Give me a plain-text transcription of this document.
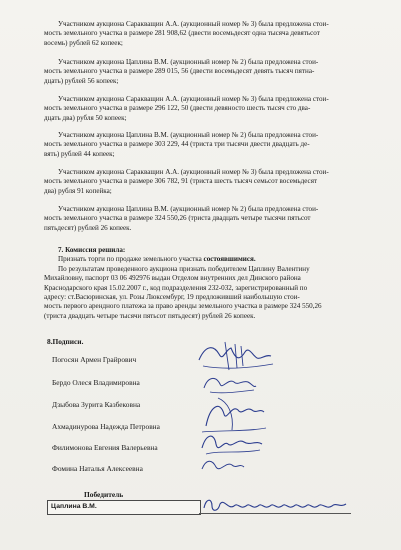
Участником аукциона Саракващин А.А. (аукционный номер № 3) была предложена стои-

мость земельного участка в размере 281 908,62 (двести восемьдесят одна тысяча девятьсот

восемь) рублей 62 копеек;

Участником аукциона Цаплина В.М. (аукционный номер № 2) была предложена стои-

мость земельного участка в размере 289 015, 56 (двести восемьдесят девять тысяч пятна-

дцать) рублей 56 копеек;

Участником аукциона Саракващин А.А. (аукционный номер № 3) была предложена стои-

мость земельного участка в размере 296 122, 50 (двести девяносто шесть тысяч сто два-

дцать два) рубля 50 копеек;

Участником аукциона Цаплина В.М. (аукционный номер № 2) была предложена стои-

мость земельного участка в размере 303 229, 44 (триста три тысячи двести двадцать де-

вять) рублей 44 копеек;

Участником аукциона Саракващин А.А. (аукционный номер № 3) была предложена стои-

мость земельного участка в размере 306 782, 91 (триста шесть тысяч семьсот восемьдесят

два) рубля 91 копейка;

Участником аукциона Цаплина В.М. (аукционный номер № 2) была предложена стои-

мость земельного участка в размере 324 550,26 (триста двадцать четыре тысячи пятьсот

пятьдесят) рублей 26 копеек.

7. Комиссия решила:

Признать торги по продаже земельного участка состоявшимися.

По результатам проведенного аукциона признать победителем Цаплину Валентину

Михайловну, паспорт 03 06 492976 выдан Отделом внутренних дел Динского района

Краснодарского края 15.02.2007 г., код подразделения 232-032, зарегистрированный по

адресу: ст.Васюринская, ул. Розы Люксембург, 19 предложивший наибольшую стои-

мость первого арендного платежа за право аренды земельного участка в размере 324 550,26

(триста двадцать четыре тысячи пятьсот пятьдесят) рублей 26 копеек.

8.Подписи.
Погосян Армен Грайрович
Бердо Олеся Владимировна
Дзыбова Зурита Казбековна
Ахмадинурова Надежда Петровна
Филимонова Евгения Валерьевна
Фомина Наталья Алексеевна
Победитель
Цаплина В.М.
